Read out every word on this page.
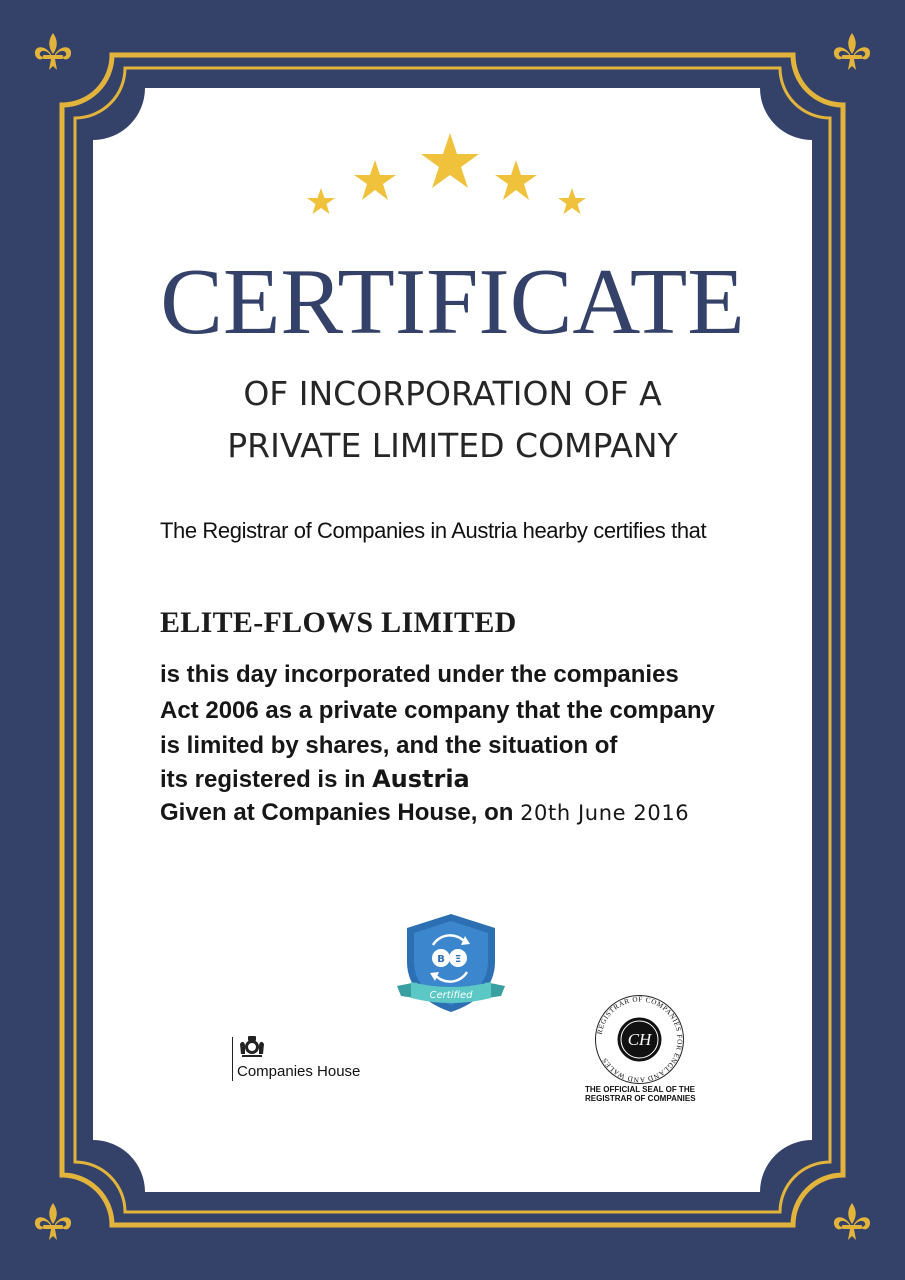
CERTIFICATE
OF INCORPORATION OF A
PRIVATE LIMITED COMPANY
The Registrar of Companies in Austria hearby certifies that
ELITE-FLOWS LIMITED
is this day incorporated under the companies
Act 2006 as a private company that the company
is limited by shares, and the situation of
its registered is in Austria
Given at Companies House, on 20th June 2016
B Ξ
Certified
Companies House
REGISTRAR OF COMPANIES FOR ENGLAND AND WALES
CH
THE OFFICIAL SEAL OF THE
REGISTRAR OF COMPANIES
